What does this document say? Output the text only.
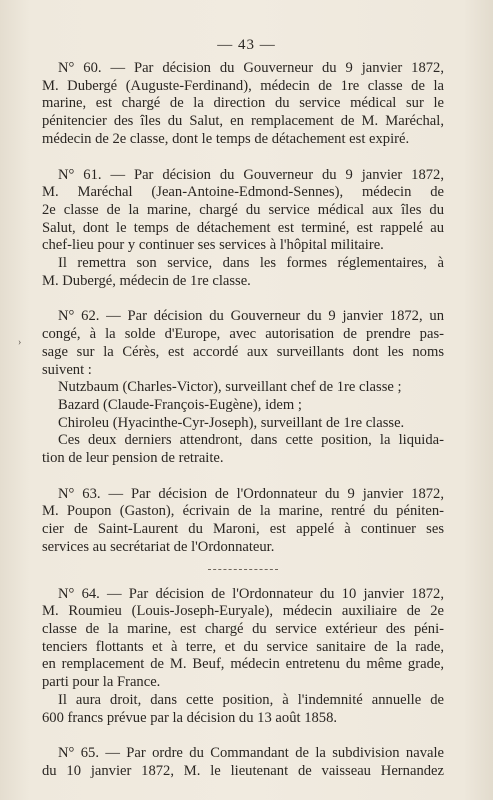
— 43 —
›
N° 60. — Par décision du Gouverneur du 9 janvier 1872,
M. Dubergé (Auguste-Ferdinand), médecin de 1re classe de la
marine, est chargé de la direction du service médical sur le
pénitencier des îles du Salut, en remplacement de M. Maréchal,
médecin de 2e classe, dont le temps de détachement est expiré.
N° 61. — Par décision du Gouverneur du 9 janvier 1872,
M. Maréchal (Jean-Antoine-Edmond-Sennes), médecin de
2e classe de la marine, chargé du service médical aux îles du
Salut, dont le temps de détachement est terminé, est rappelé au
chef-lieu pour y continuer ses services à l'hôpital militaire.
Il remettra son service, dans les formes réglementaires, à
M. Dubergé, médecin de 1re classe.
N° 62. — Par décision du Gouverneur du 9 janvier 1872, un
congé, à la solde d'Europe, avec autorisation de prendre pas-
sage sur la Cérès, est accordé aux surveillants dont les noms
suivent :
Nutzbaum (Charles-Victor), surveillant chef de 1re classe ;
Bazard (Claude-François-Eugène), idem ;
Chiroleu (Hyacinthe-Cyr-Joseph), surveillant de 1re classe.
Ces deux derniers attendront, dans cette position, la liquida-
tion de leur pension de retraite.
N° 63. — Par décision de l'Ordonnateur du 9 janvier 1872,
M. Poupon (Gaston), écrivain de la marine, rentré du péniten-
cier de Saint-Laurent du Maroni, est appelé à continuer ses
services au secrétariat de l'Ordonnateur.
N° 64. — Par décision de l'Ordonnateur du 10 janvier 1872,
M. Roumieu (Louis-Joseph-Euryale), médecin auxiliaire de 2e
classe de la marine, est chargé du service extérieur des péni-
tenciers flottants et à terre, et du service sanitaire de la rade,
en remplacement de M. Beuf, médecin entretenu du même grade,
parti pour la France.
Il aura droit, dans cette position, à l'indemnité annuelle de
600 francs prévue par la décision du 13 août 1858.
N° 65. — Par ordre du Commandant de la subdivision navale
du 10 janvier 1872, M. le lieutenant de vaisseau Hernandez
